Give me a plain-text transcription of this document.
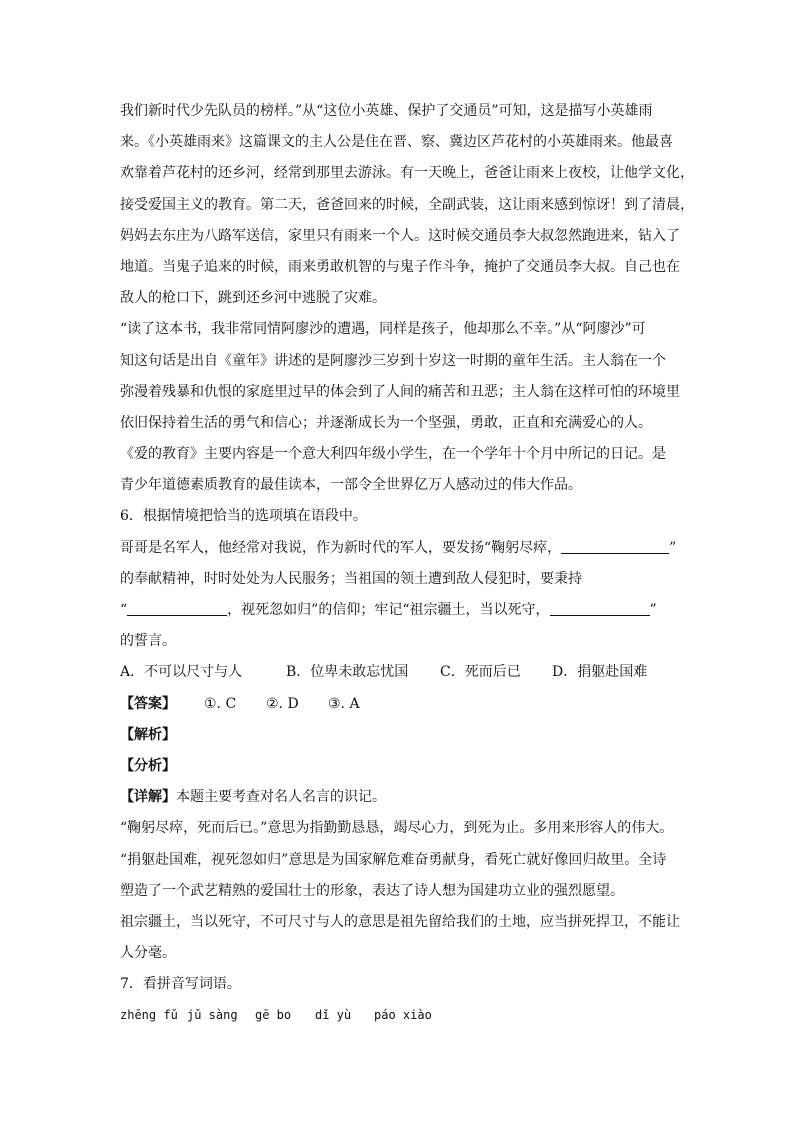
我们新时代少先队员的榜样。”从“这位小英雄、保护了交通员”可知，这是描写小英雄雨
来。《小英雄雨来》这篇课文的主人公是住在晋、察、冀边区芦花村的小英雄雨来。他最喜
欢靠着芦花村的还乡河，经常到那里去游泳。有一天晚上，爸爸让雨来上夜校，让他学文化，
接受爱国主义的教育。第二天，爸爸回来的时候，全副武装，这让雨来感到惊讶！到了清晨，
妈妈去东庄为八路军送信，家里只有雨来一个人。这时候交通员李大叔忽然跑进来，钻入了
地道。当鬼子追来的时候，雨来勇敢机智的与鬼子作斗争，掩护了交通员李大叔。自己也在
敌人的枪口下，跳到还乡河中逃脱了灾难。
“读了这本书，我非常同情阿廖沙的遭遇，同样是孩子，他却那么不幸。”从“阿廖沙”可
知这句话是出自《童年》讲述的是阿廖沙三岁到十岁这一时期的童年生活。主人翁在一个
弥漫着残暴和仇恨的家庭里过早的体会到了人间的痛苦和丑恶；主人翁在这样可怕的环境里
依旧保持着生活的勇气和信心；并逐渐成长为一个坚强，勇敢，正直和充满爱心的人。
《爱的教育》主要内容是一个意大利四年级小学生，在一个学年十个月中所记的日记。是
青少年道德素质教育的最佳读本，一部令全世界亿万人感动过的伟大作品。
6．根据情境把恰当的选项填在语段中。
哥哥是名军人，他经常对我说，作为新时代的军人，要发扬“鞠躬尽瘁，	”
的奉献精神，时时处处为人民服务；当祖国的领土遭到敌人侵犯时，要秉持
“	，视死忽如归”的信仰；牢记“祖宗疆土，当以死守，	”
的誓言。
A．不可以尺寸与人	B．位卑未敢忘忧国 C．死而后已 D．捐躯赴国难
【答案】 ①. C ②. D ③. A
【解析】
【分析】
【详解】本题主要考查对名人名言的识记。
“鞠躬尽瘁，死而后已。”意思为指勤勤恳恳，竭尽心力，到死为止。多用来形容人的伟大。
“捐躯赴国难，视死忽如归”意思是为国家解危难奋勇献身，看死亡就好像回归故里。全诗
塑造了一个武艺精熟的爱国壮士的形象，表达了诗人想为国建功立业的强烈愿望。
祖宗疆土，当以死守，不可尺寸与人的意思是祖先留给我们的土地，应当拼死捍卫，不能让
人分毫。
7．看拼音写词语。
zhēng fǔ jǔ sàng gē bo dǐ yù páo xiào
